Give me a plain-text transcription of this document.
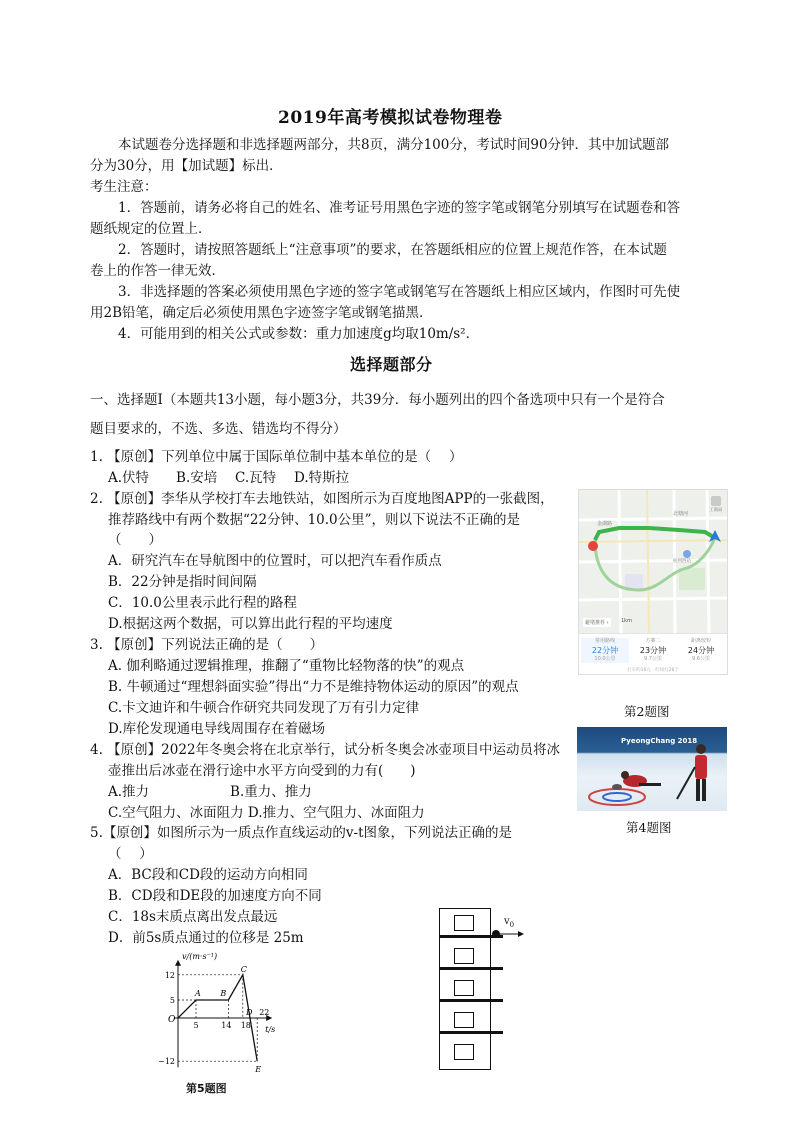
2019年高考模拟试卷物理卷
本试题卷分选择题和非选择题两部分，共8页，满分100分，考试时间90分钟．其中加试题部
分为30分，用【加试题】标出．
考生注意：
1．答题前，请务必将自己的姓名、准考证号用黑色字迹的签字笔或钢笔分别填写在试题卷和答
题纸规定的位置上．
2．答题时，请按照答题纸上“注意事项”的要求，在答题纸相应的位置上规范作答，在本试题
卷上的作答一律无效．
3．非选择题的答案必须使用黑色字迹的签字笔或钢笔写在答题纸上相应区域内，作图时可先使
用2B铅笔，确定后必须使用黑色字迹签字笔或钢笔描黑．
4．可能用到的相关公式或参数：重力加速度g均取10m/s²．
选择题部分
一、选择题Ⅰ（本题共13小题，每小题3分，共39分．每小题列出的四个备选项中只有一个是符合
题目要求的，不选、多选、错选均不得分）
1. 【原创】下列单位中属于国际单位制中基本单位的是（　 ）
A.伏特　　B.安培　 C.瓦特　 D.特斯拉
2. 【原创】李华从学校打车去地铁站，如图所示为百度地图APP的一张截图，
推荐路线中有两个数据“22分钟、10.0公里”，则以下说法不正确的是
（　　）
A．研究汽车在导航图中的位置时，可以把汽车看作质点
B．22分钟是指时间间隔
C．10.0公里表示此行程的路程
D.根据这两个数据，可以算出此行程的平均速度
北塘河
金湖路
杭州西站
工商局
避堵推荐 ›	1km
常用路线
22分钟
10.0公里
方案二
23分钟
9.7公里
距离较短
24分钟
9.6公里
打车约16元 · 红绿灯28个
第2题图
3. 【原创】下列说法正确的是（　　）
A. 伽利略通过逻辑推理，推翻了“重物比轻物落的快”的观点
B. 牛顿通过“理想斜面实验”得出“力不是维持物体运动的原因”的观点
C.卡文迪许和牛顿合作研究共同发现了万有引力定律
D.库伦发现通电导线周围存在着磁场
4. 【原创】2022年冬奥会将在北京举行，试分析冬奥会冰壶项目中运动员将冰
壶推出后冰壶在滑行途中水平方向受到的力有(　　)
A.推力　　　　　　B.重力、推力
C.空气阻力、冰面阻力 D.推力、空气阻力、冰面阻力
PyeongChang 2018
第4题图
5.【原创】如图所示为一质点作直线运动的v-t图象，下列说法正确的是
（　 ）
A．BC段和CD段的运动方向相同
B．CD段和DE段的加速度方向不同
C．18s末质点离出发点最远
D．前5s质点通过的位移是 25m
v/(m·s⁻¹)
t/s
O
12
5
−12
5	14 18
22
A B
C
D
E
第5题图
$v_0$
